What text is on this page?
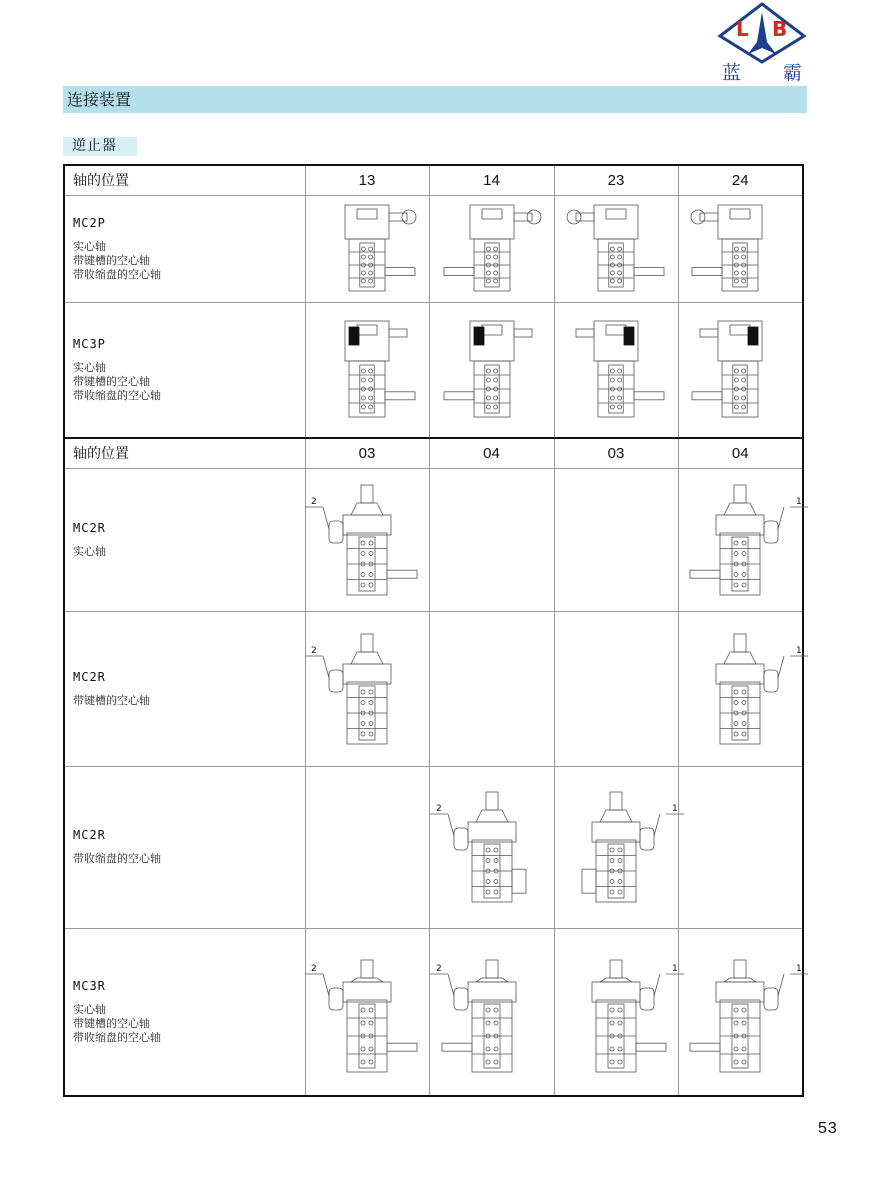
L B
蓝 霸
连接装置
逆止器
轴的位置	13	14	23	24

MC2P
实心轴
带键槽的空心轴
带收缩盘的空心轴

MC3P
实心轴
带键槽的空心轴
带收缩盘的空心轴

轴的位置	03	04	03	04

MC2R
实心轴	2			1

MC2R
带键槽的空心轴	2			1

MC2R
带收缩盘的空心轴		2	1	

MC3R
实心轴
带键槽的空心轴
带收缩盘的空心轴	2	2	1	1
53
